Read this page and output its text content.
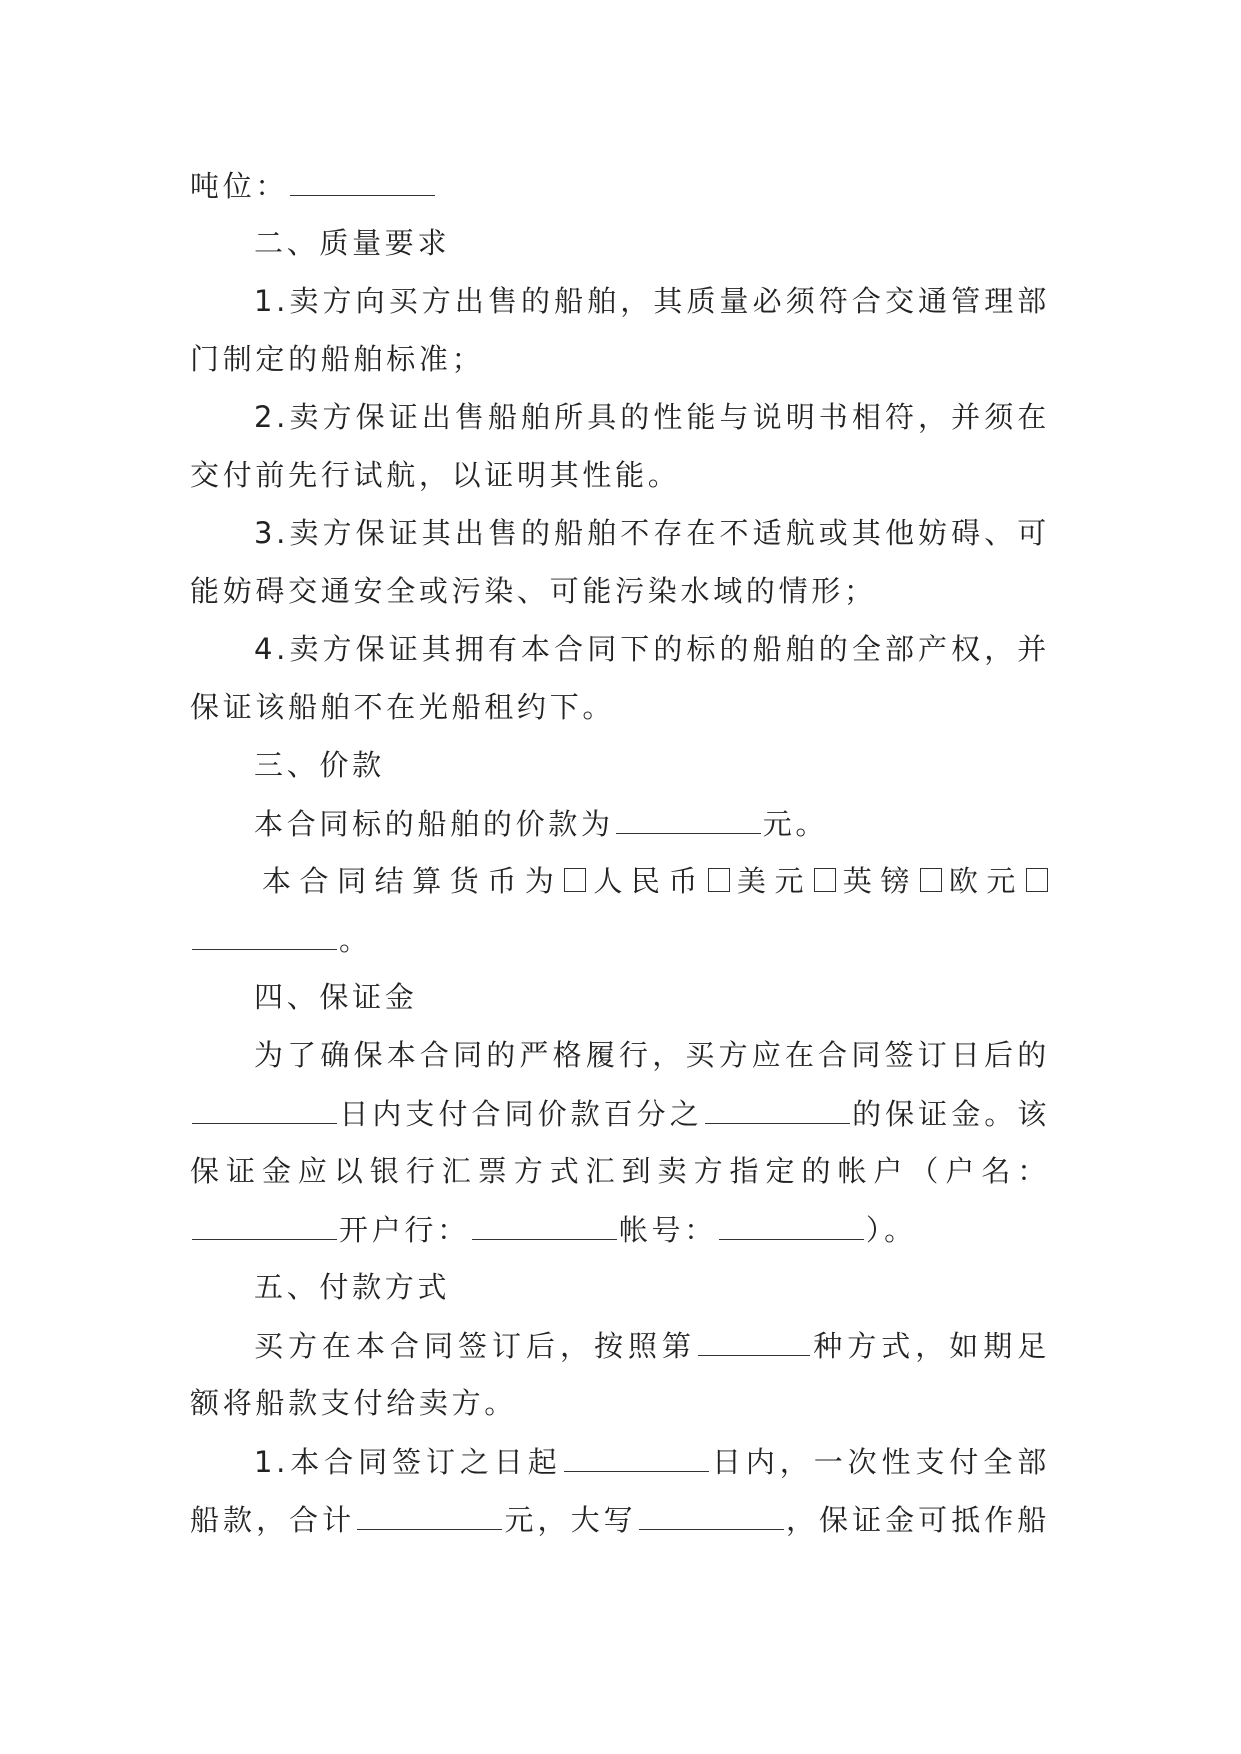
吨位：
二、质量要求
1.卖方向买方出售的船舶，其质量必须符合交通管理部
门制定的船舶标准；
2.卖方保证出售船舶所具的性能与说明书相符，并须在
交付前先行试航，以证明其性能。
3.卖方保证其出售的船舶不存在不适航或其他妨碍、可
能妨碍交通安全或污染、可能污染水域的情形；
4.卖方保证其拥有本合同下的标的船舶的全部产权，并
保证该船舶不在光船租约下。
三、价款
本合同标的船舶的价款为	元。
本合同结算货币为 人民币 美元 英镑 欧元
。
四、保证金
为了确保本合同的严格履行，买方应在合同签订日后的
日内支付合同价款百分之	的保证金。该
保证金应以银行汇票方式汇到卖方指定的帐户（户名：
开户行：	帐号：	）。
五、付款方式
买方在本合同签订后，按照第	种方式，如期足
额将船款支付给卖方。
1.本合同签订之日起	日内，一次性支付全部
船款，合计	元，大写	，保证金可抵作船
